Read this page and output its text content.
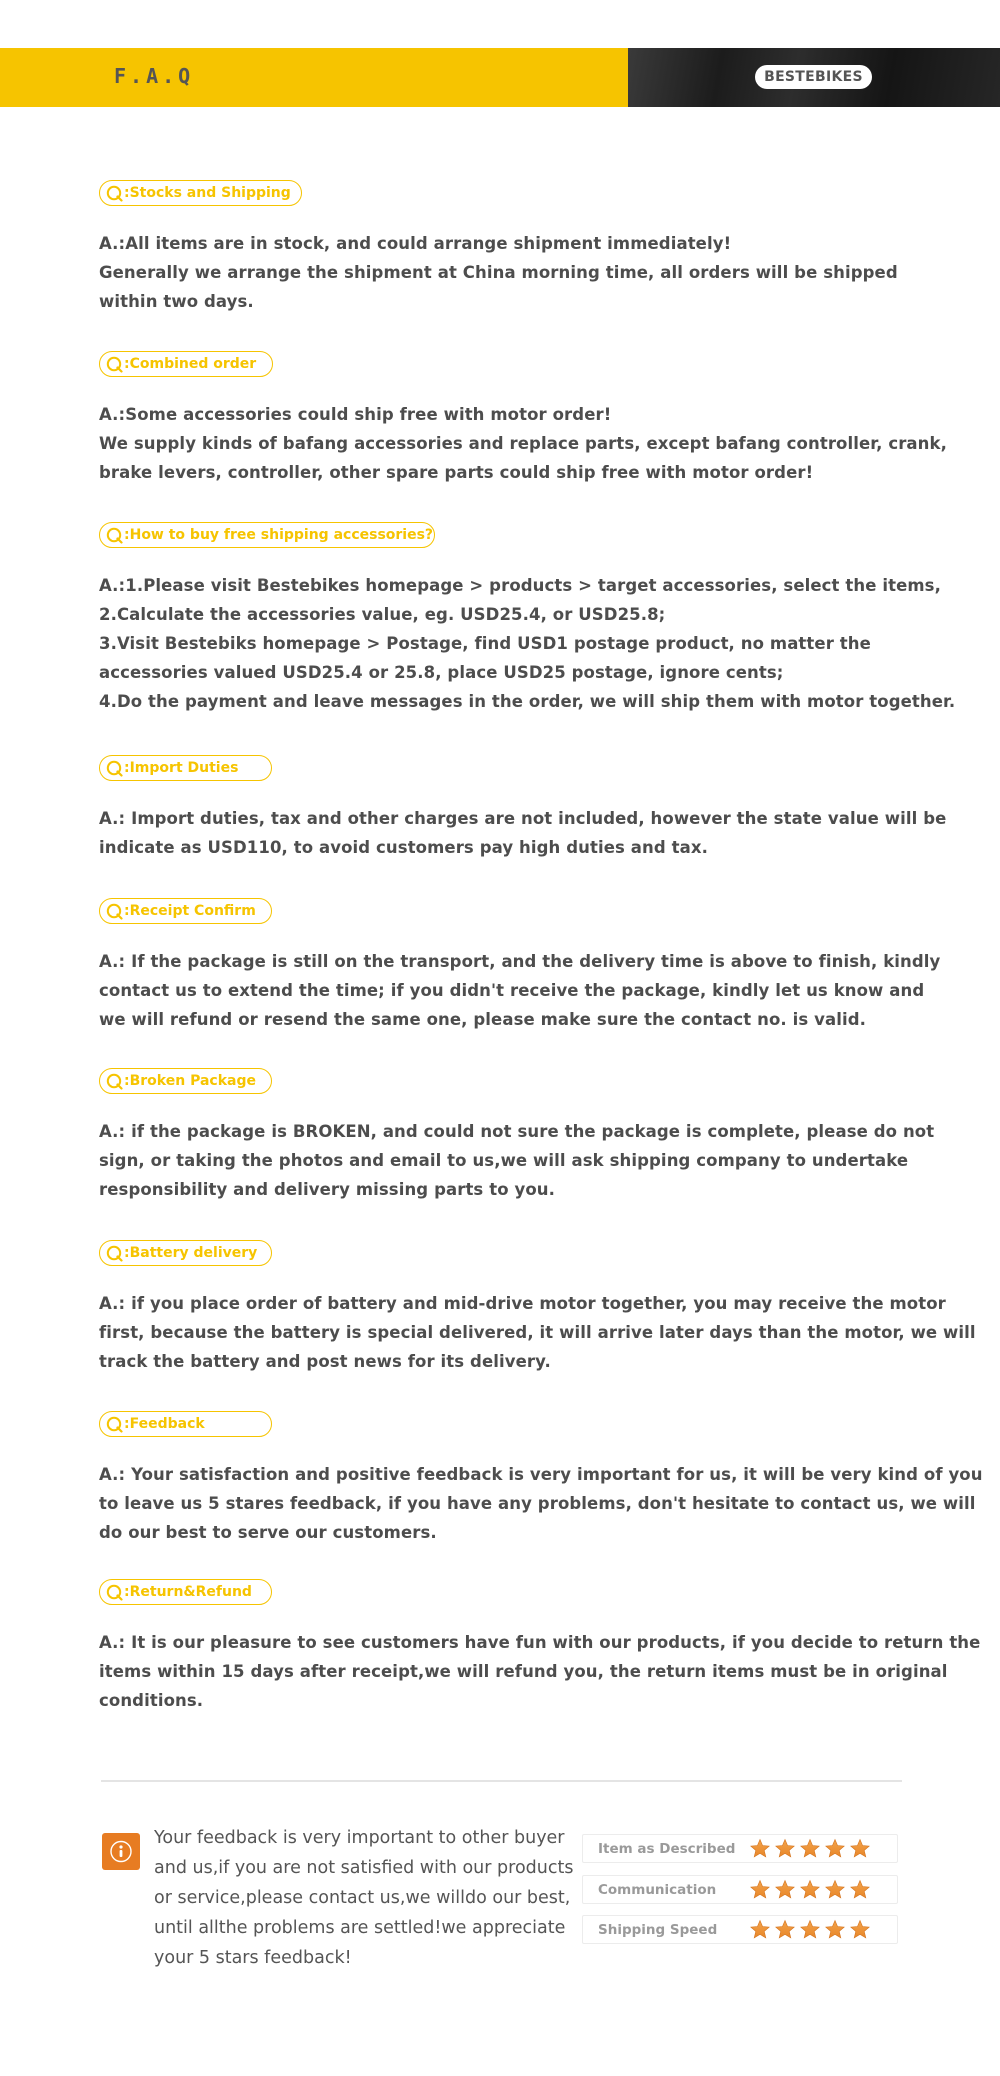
F.A.Q	BESTEBIKES
:Stocks and Shipping

A.:All items are in stock, and could arrange shipment immediately!

Generally we arrange the shipment at China morning time, all orders will be shipped

within two days.

:Combined order

A.:Some accessories could ship free with motor order!

We supply kinds of bafang accessories and replace parts, except bafang controller, crank,

brake levers, controller, other spare parts could ship free with motor order!

:How to buy free shipping accessories?

A.:1.Please visit Bestebikes homepage > products > target accessories, select the items,

2.Calculate the accessories value, eg. USD25.4, or USD25.8;

3.Visit Bestebiks homepage > Postage, find USD1 postage product, no matter the

accessories valued USD25.4 or 25.8, place USD25 postage, ignore cents;

4.Do the payment and leave messages in the order, we will ship them with motor together.

:Import Duties

A.: Import duties, tax and other charges are not included, however the state value will be

indicate as USD110, to avoid customers pay high duties and tax.

:Receipt Confirm

A.: If the package is still on the transport, and the delivery time is above to finish, kindly

contact us to extend the time; if you didn't receive the package, kindly let us know and

we will refund or resend the same one, please make sure the contact no. is valid.

:Broken Package

A.: if the package is BROKEN, and could not sure the package is complete, please do not

sign, or taking the photos and email to us,we will ask shipping company to undertake

responsibility and delivery missing parts to you.

:Battery delivery

A.: if you place order of battery and mid-drive motor together, you may receive the motor

first, because the battery is special delivered, it will arrive later days than the motor, we will

track the battery and post news for its delivery.

:Feedback

A.: Your satisfaction and positive feedback is very important for us, it will be very kind of you

to leave us 5 stares feedback, if you have any problems, don't hesitate to contact us, we will

do our best to serve our customers.

:Return&Refund

A.: It is our pleasure to see customers have fun with our products, if you decide to return the

items within 15 days after receipt,we will refund you, the return items must be in original

conditions.

Your feedback is very important to other buyer

and us,if you are not satisfied with our products

or service,please contact us,we willdo our best,

until allthe problems are settled!we appreciate

your 5 stars feedback!

Item as Described
Communication
Shipping Speed
